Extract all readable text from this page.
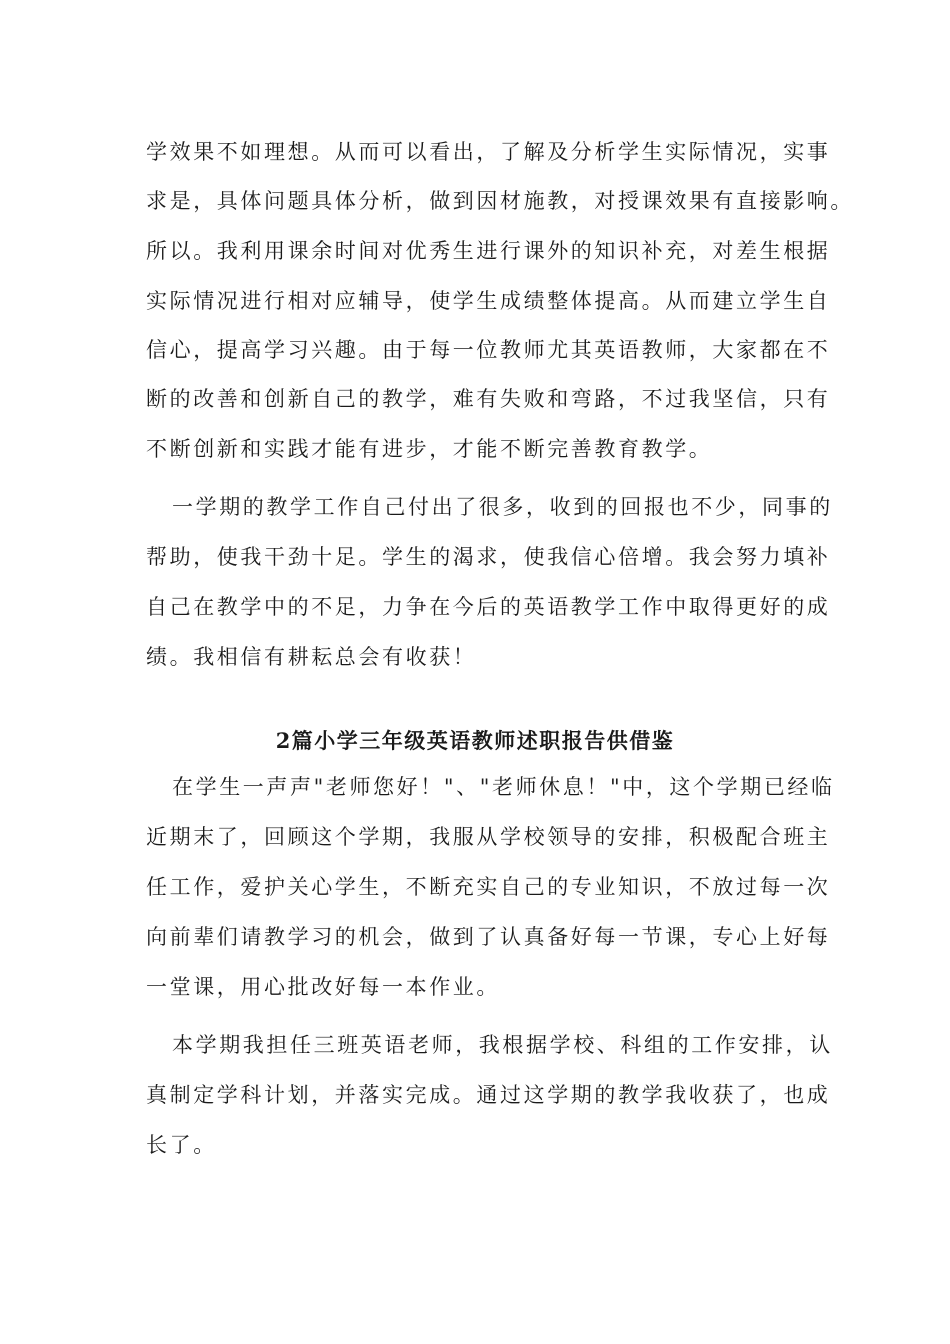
学效果不如理想。从而可以看出，了解及分析学生实际情况，实事
求是，具体问题具体分析，做到因材施教，对授课效果有直接影响。
所以。我利用课余时间对优秀生进行课外的知识补充，对差生根据
实际情况进行相对应辅导，使学生成绩整体提高。从而建立学生自
信心，提高学习兴趣。由于每一位教师尤其英语教师，大家都在不
断的改善和创新自己的教学，难有失败和弯路，不过我坚信，只有
不断创新和实践才能有进步，才能不断完善教育教学。
一学期的教学工作自己付出了很多，收到的回报也不少，同事的
帮助，使我干劲十足。学生的渴求，使我信心倍增。我会努力填补
自己在教学中的不足，力争在今后的英语教学工作中取得更好的成
绩。我相信有耕耘总会有收获！
2篇小学三年级英语教师述职报告供借鉴
在学生一声声"老师您好！"、"老师休息！"中，这个学期已经临
近期末了，回顾这个学期，我服从学校领导的安排，积极配合班主
任工作，爱护关心学生，不断充实自己的专业知识，不放过每一次
向前辈们请教学习的机会，做到了认真备好每一节课，专心上好每
一堂课，用心批改好每一本作业。
本学期我担任三班英语老师，我根据学校、科组的工作安排，认
真制定学科计划，并落实完成。通过这学期的教学我收获了，也成
长了。
